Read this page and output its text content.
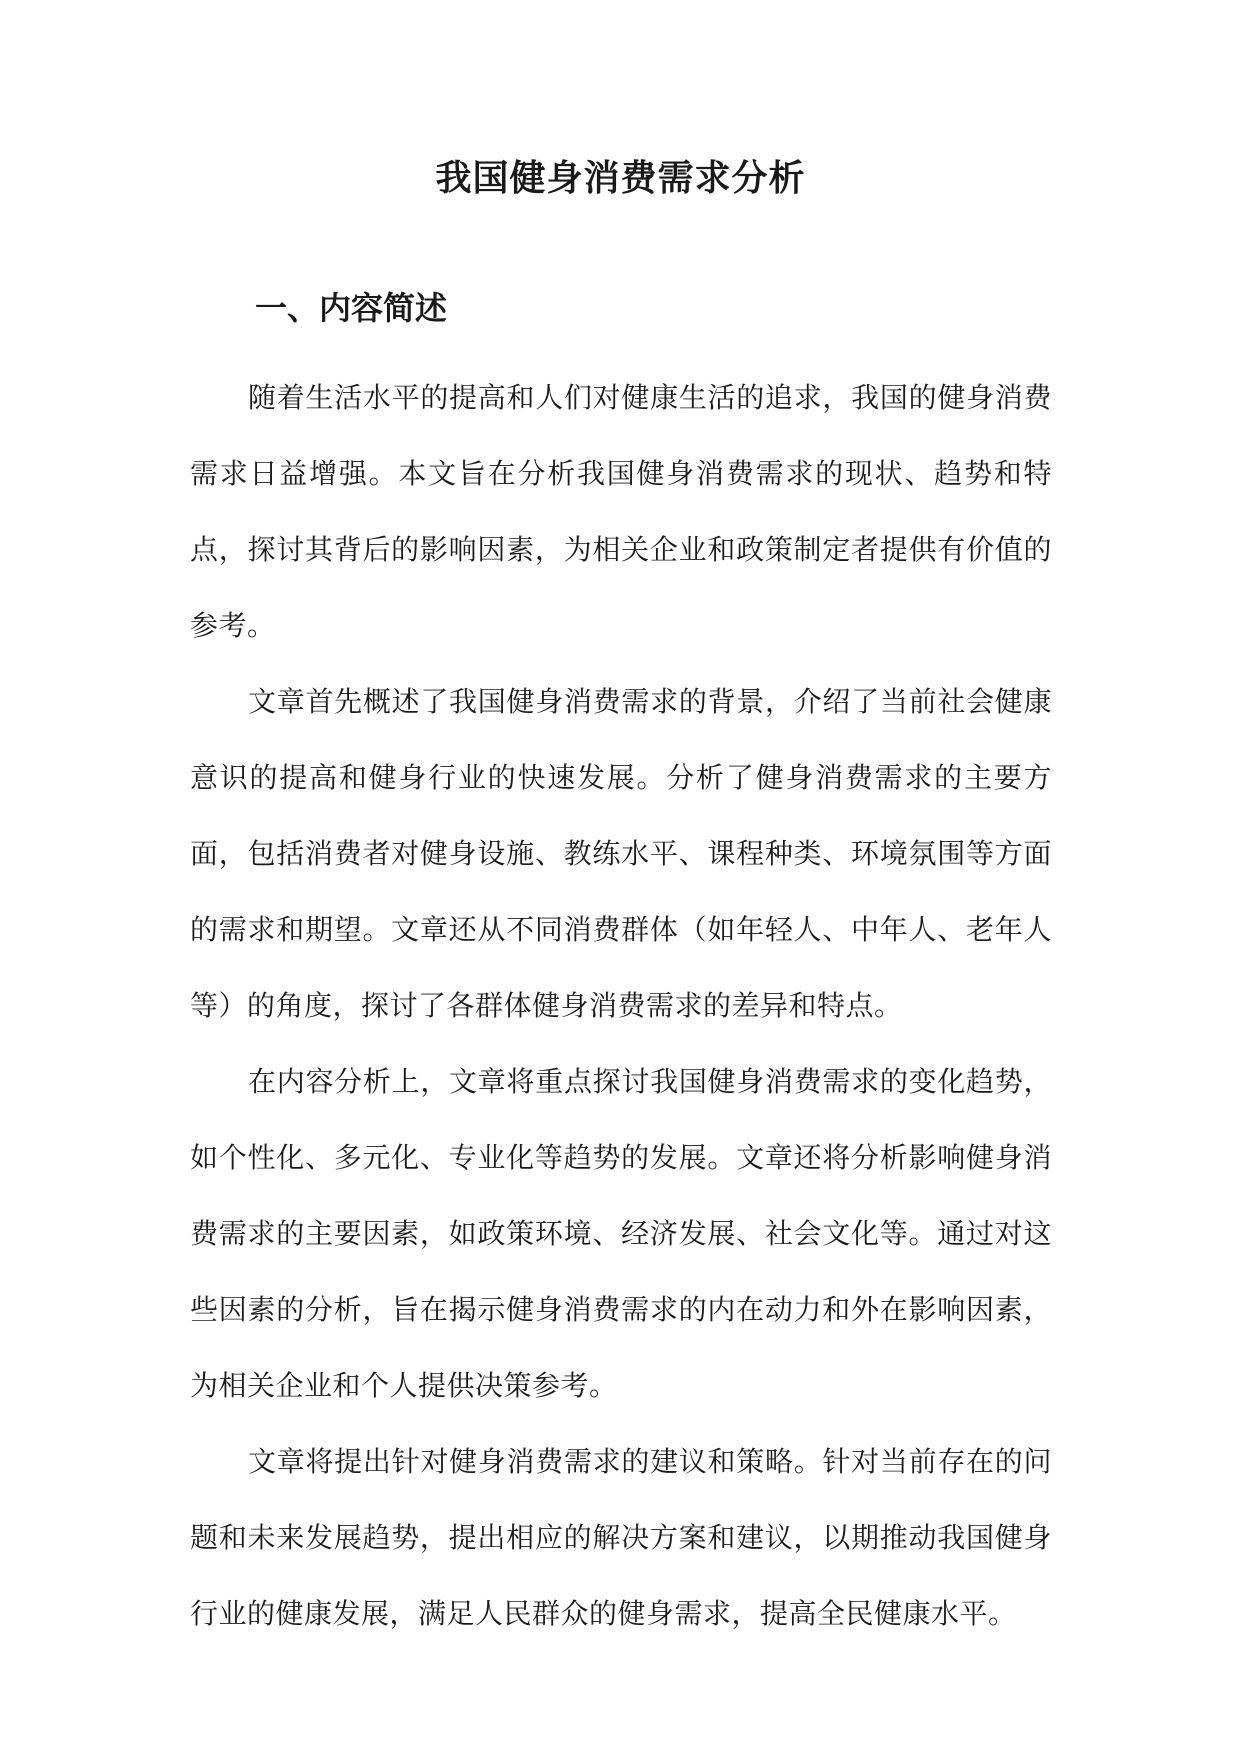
我国健身消费需求分析
一、内容简述

随着生活水平的提高和人们对健康生活的追求，我国的健身消费需求日益增强。本文旨在分析我国健身消费需求的现状、趋势和特点，探讨其背后的影响因素，为相关企业和政策制定者提供有价值的参考。

文章首先概述了我国健身消费需求的背景，介绍了当前社会健康意识的提高和健身行业的快速发展。分析了健身消费需求的主要方面，包括消费者对健身设施、教练水平、课程种类、环境氛围等方面的需求和期望。文章还从不同消费群体（如年轻人、中年人、老年人等）的角度，探讨了各群体健身消费需求的差异和特点。

在内容分析上，文章将重点探讨我国健身消费需求的变化趋势，如个性化、多元化、专业化等趋势的发展。文章还将分析影响健身消费需求的主要因素，如政策环境、经济发展、社会文化等。通过对这些因素的分析，旨在揭示健身消费需求的内在动力和外在影响因素，为相关企业和个人提供决策参考。

文章将提出针对健身消费需求的建议和策略。针对当前存在的问题和未来发展趋势，提出相应的解决方案和建议，以期推动我国健身行业的健康发展，满足人民群众的健身需求，提高全民健康水平。
